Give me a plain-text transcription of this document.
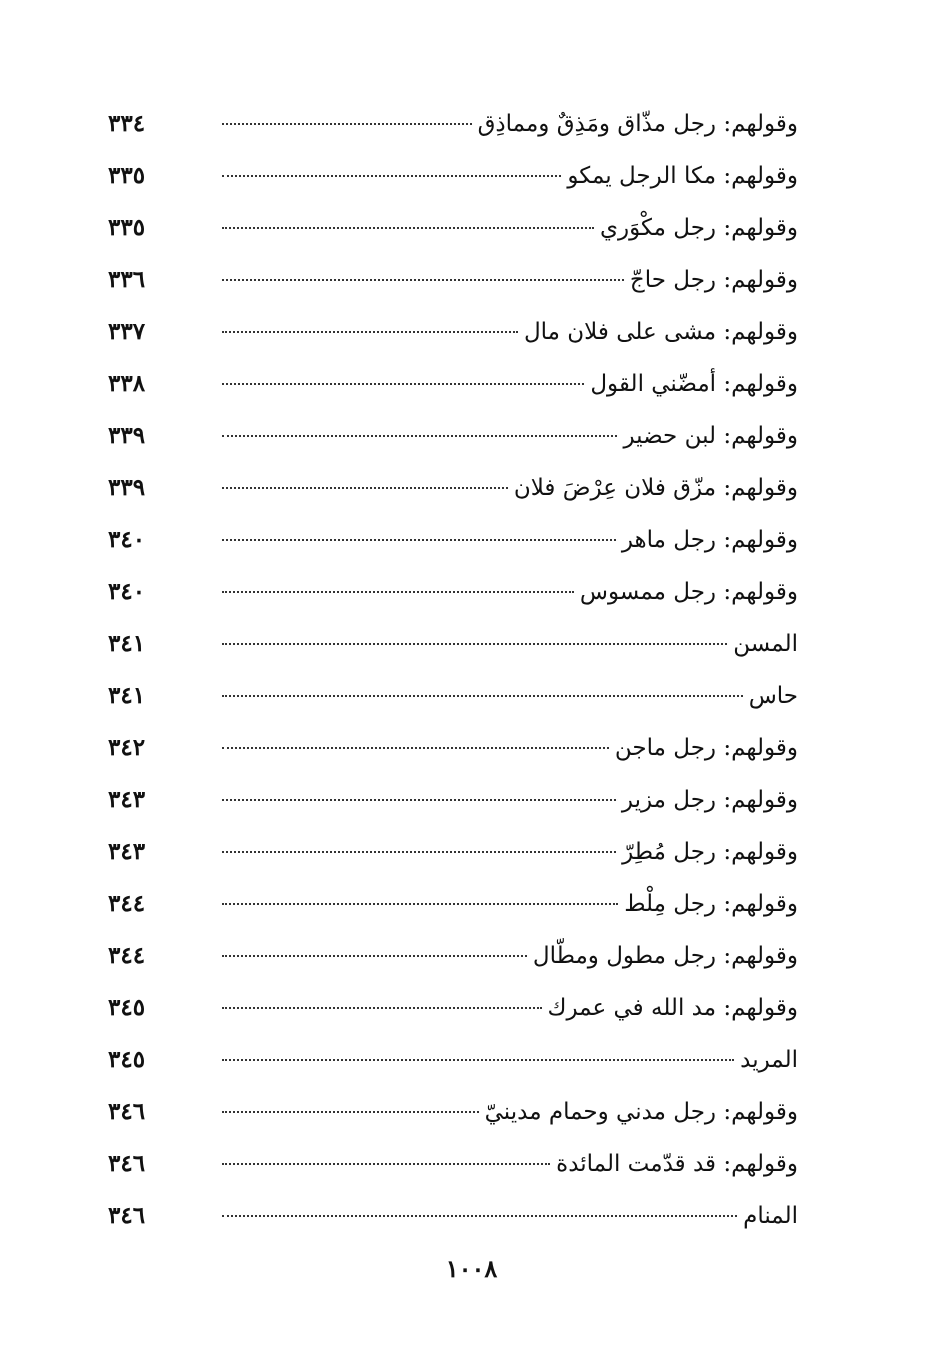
وقولهم: رجل مذّاق ومَذِقٌ ومماذِق
٣٣٤
وقولهم: مكا الرجل يمكو
٣٣٥
وقولهم: رجل مكْوَري
٣٣٥
وقولهم: رجل حاجّ
٣٣٦
وقولهم: مشى على فلان مال
٣٣٧
وقولهم: أمضّني القول
٣٣٨
وقولهم: لبن حضير
٣٣٩
وقولهم: مزّق فلان عِرْضَ فلان
٣٣٩
وقولهم: رجل ماهر
٣٤٠
وقولهم: رجل ممسوس
٣٤٠
المسن
٣٤١
حاس
٣٤١
وقولهم: رجل ماجن
٣٤٢
وقولهم: رجل مزير
٣٤٣
وقولهم: رجل مُطِرّ
٣٤٣
وقولهم: رجل مِلْط
٣٤٤
وقولهم: رجل مطول ومطّال
٣٤٤
وقولهم: مد الله في عمرك
٣٤٥
المريد
٣٤٥
وقولهم: رجل مدني وحمام مدينيّ
٣٤٦
وقولهم: قد قدّمت المائدة
٣٤٦
المنام
٣٤٦
١٠٠٨
